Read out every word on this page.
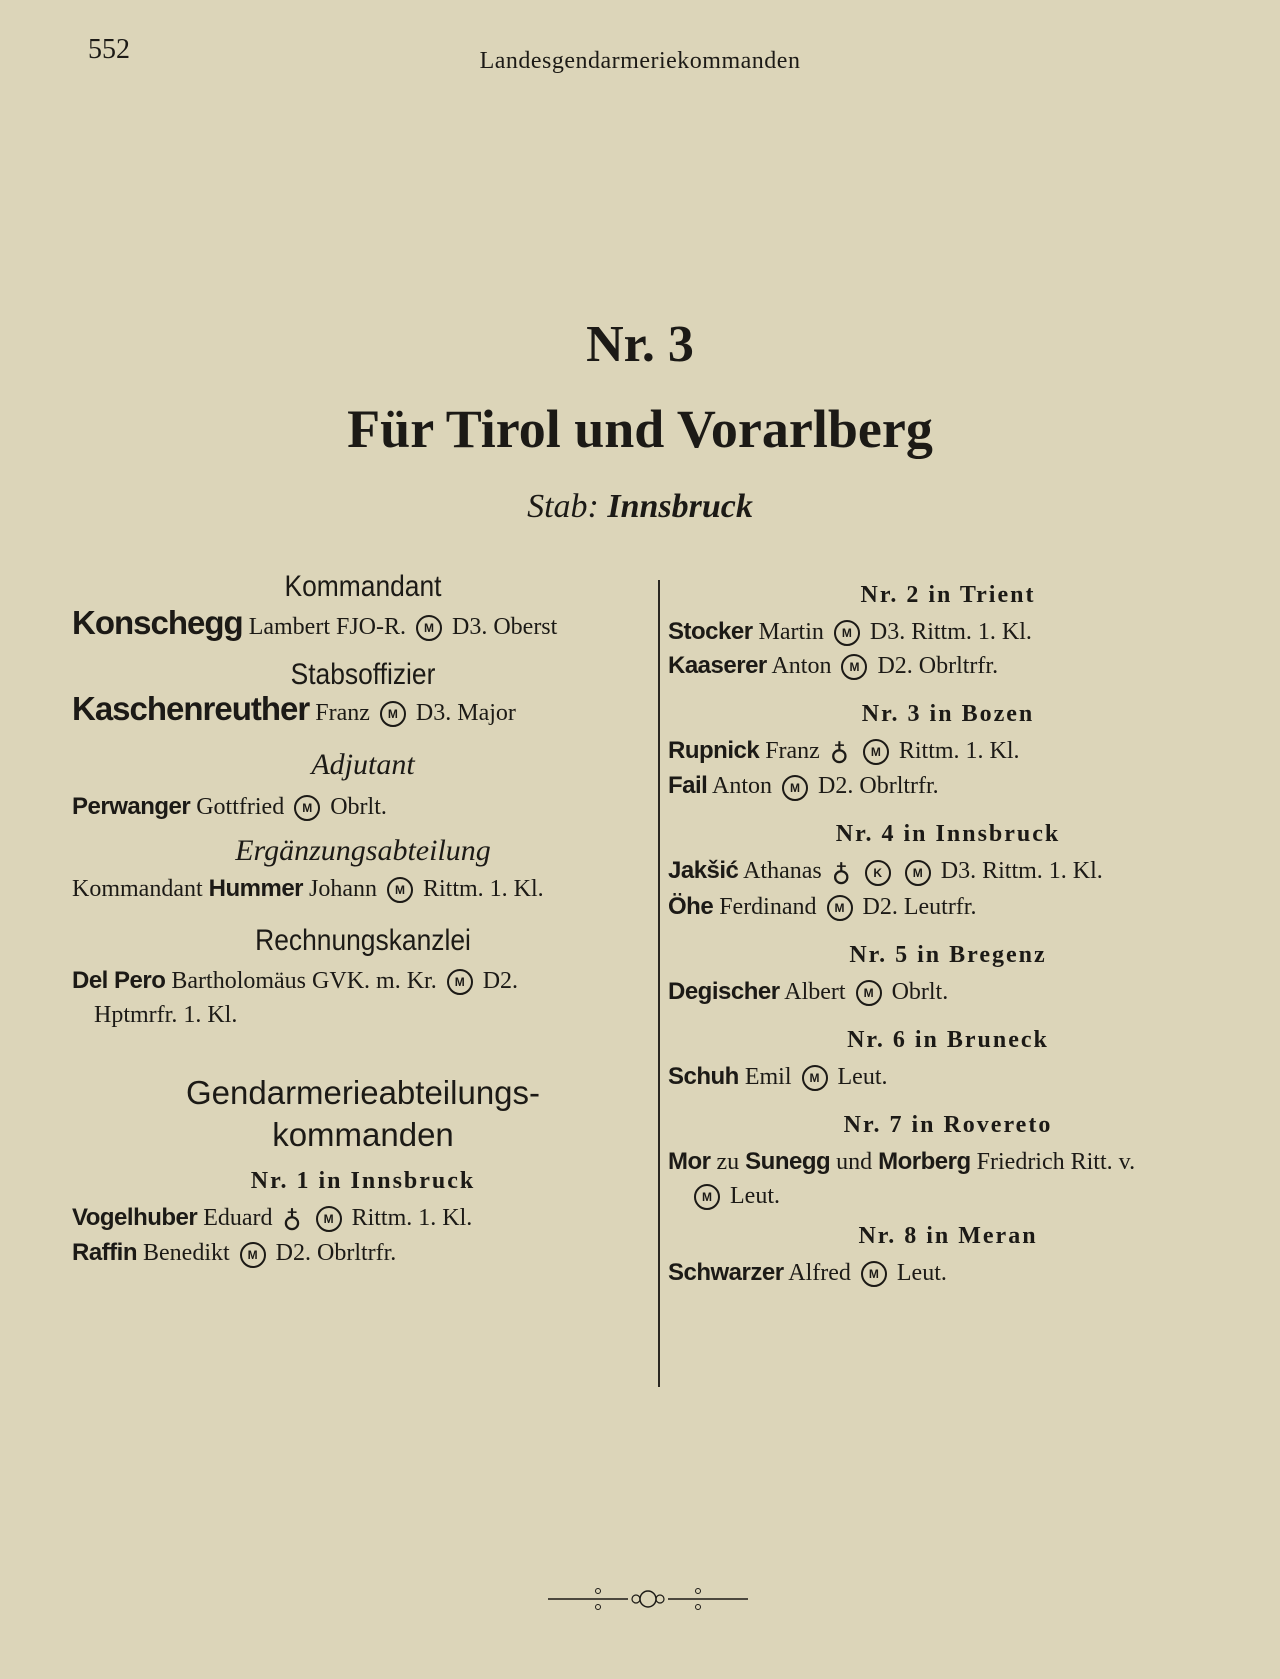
552	Landesgendarmeriekommanden
Nr. 3
Für Tirol und Vorarlberg
Stab: Innsbruck
Kommandant
Konschegg Lambert FJO-R. M D3. Oberst
Stabsoffizier
Kaschenreuther Franz M D3. Major
Adjutant
Perwanger Gottfried M Obrlt.
Ergänzungsabteilung
Kommandant Hummer Johann M Rittm. 1. Kl.
Rechnungskanzlei
Del Pero Bartholomäus GVK. m. Kr. M D2.
Hptmrfr. 1. Kl.
Gendarmerieabteilungs-
kommanden
Nr. 1 in Innsbruck
Vogelhuber Eduard ♁ M Rittm. 1. Kl.
Raffin Benedikt M D2. Obrltrfr.
Nr. 2 in Trient
Stocker Martin M D3. Rittm. 1. Kl.
Kaaserer Anton M D2. Obrltrfr.
Nr. 3 in Bozen
Rupnick Franz ♁ M Rittm. 1. Kl.
Fail Anton M D2. Obrltrfr.
Nr. 4 in Innsbruck
Jakšić Athanas ♁ K	M D3. Rittm. 1. Kl.
Öhe Ferdinand M D2. Leutrfr.
Nr. 5 in Bregenz
Degischer Albert M Obrlt.
Nr. 6 in Bruneck
Schuh Emil M Leut.
Nr. 7 in Rovereto
Mor zu Sunegg und Morberg Friedrich Ritt. v.
M Leut.
Nr. 8 in Meran
Schwarzer Alfred M Leut.
